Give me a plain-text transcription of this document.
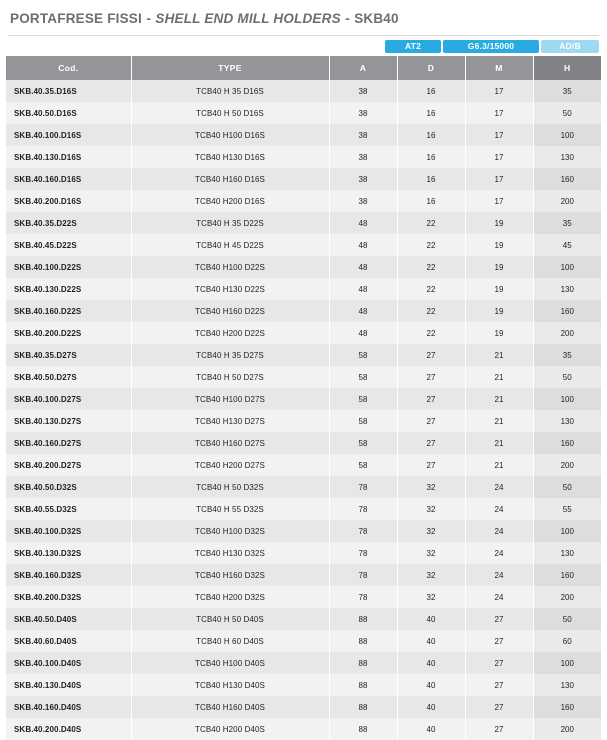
PORTAFRESE FISSI - SHELL END MILL HOLDERS - SKB40
AT2	G6.3/15000	AD/B
Cod.	TYPE	A	D	M	H
SKB.40.35.D16S	TCB40 H 35 D16S	38	16	17	35
SKB.40.50.D16S	TCB40 H 50 D16S	38	16	17	50
SKB.40.100.D16S	TCB40 H100 D16S	38	16	17	100
SKB.40.130.D16S	TCB40 H130 D16S	38	16	17	130
SKB.40.160.D16S	TCB40 H160 D16S	38	16	17	160
SKB.40.200.D16S	TCB40 H200 D16S	38	16	17	200
SKB.40.35.D22S	TCB40 H 35 D22S	48	22	19	35
SKB.40.45.D22S	TCB40 H 45 D22S	48	22	19	45
SKB.40.100.D22S	TCB40 H100 D22S	48	22	19	100
SKB.40.130.D22S	TCB40 H130 D22S	48	22	19	130
SKB.40.160.D22S	TCB40 H160 D22S	48	22	19	160
SKB.40.200.D22S	TCB40 H200 D22S	48	22	19	200
SKB.40.35.D27S	TCB40 H 35 D27S	58	27	21	35
SKB.40.50.D27S	TCB40 H 50 D27S	58	27	21	50
SKB.40.100.D27S	TCB40 H100 D27S	58	27	21	100
SKB.40.130.D27S	TCB40 H130 D27S	58	27	21	130
SKB.40.160.D27S	TCB40 H160 D27S	58	27	21	160
SKB.40.200.D27S	TCB40 H200 D27S	58	27	21	200
SKB.40.50.D32S	TCB40 H 50 D32S	78	32	24	50
SKB.40.55.D32S	TCB40 H 55 D32S	78	32	24	55
SKB.40.100.D32S	TCB40 H100 D32S	78	32	24	100
SKB.40.130.D32S	TCB40 H130 D32S	78	32	24	130
SKB.40.160.D32S	TCB40 H160 D32S	78	32	24	160
SKB.40.200.D32S	TCB40 H200 D32S	78	32	24	200
SKB.40.50.D40S	TCB40 H 50 D40S	88	40	27	50
SKB.40.60.D40S	TCB40 H 60 D40S	88	40	27	60
SKB.40.100.D40S	TCB40 H100 D40S	88	40	27	100
SKB.40.130.D40S	TCB40 H130 D40S	88	40	27	130
SKB.40.160.D40S	TCB40 H160 D40S	88	40	27	160
SKB.40.200.D40S	TCB40 H200 D40S	88	40	27	200
